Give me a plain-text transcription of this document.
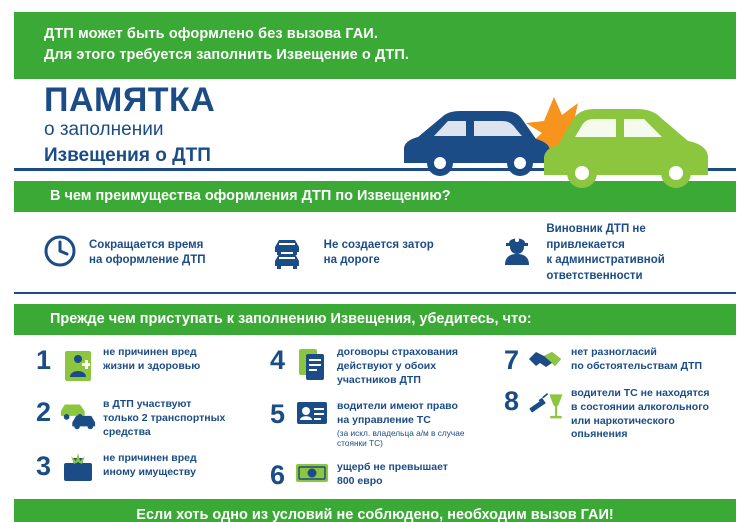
ДТП может быть оформлено без вызова ГАИ.
Для этого требуется заполнить Извещение о ДТП.
ПАМЯТКА
о заполнении
Извещения о ДТП
В чем преимущества оформления ДТП по Извещению?
Сокращается время
на оформление ДТП
Не создается затор
на дороге
Виновник ДТП не привлекается
к административной ответственности
Прежде чем приступать к заполнению Извещения, убедитесь, что:
1	не причинен вред
жизни и здоровью
2	в ДТП участвуют
только 2 транспортных
средства
3	не причинен вред
иному имуществу
4	договоры страхования
действуют у обоих
участников ДТП
5	водители имеют право
на управление ТС
(за искл. владельца а/м в случае стоянки ТС)
6	ущерб не превышает
800 евро
7	нет разногласий
по обстоятельствам ДТП
8	водители ТС не находятся
в состоянии алкогольного
или наркотического
опьянения
Если хоть одно из условий не соблюдено, необходим вызов ГАИ!
